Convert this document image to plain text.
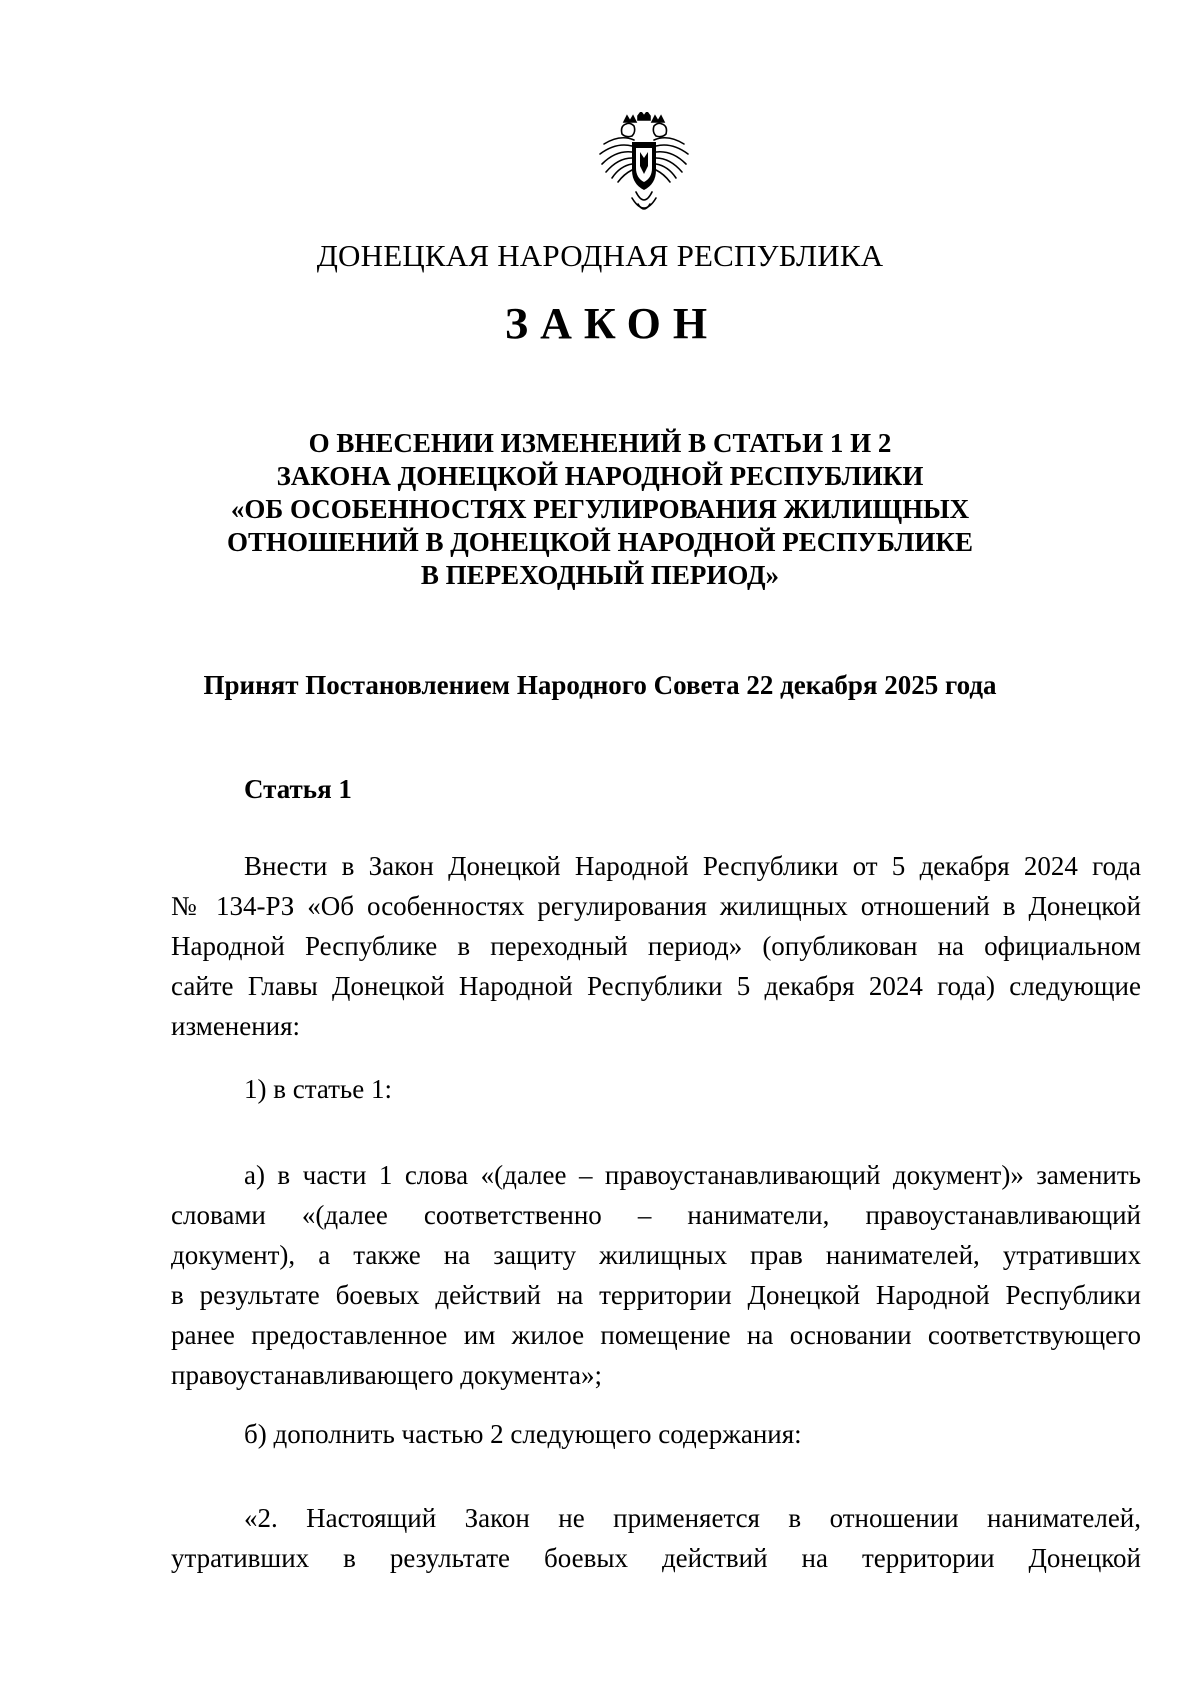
ДОНЕЦКАЯ НАРОДНАЯ РЕСПУБЛИКА
ЗАКОН
О ВНЕСЕНИИ ИЗМЕНЕНИЙ В СТАТЬИ 1 И 2
ЗАКОНА ДОНЕЦКОЙ НАРОДНОЙ РЕСПУБЛИКИ
«ОБ ОСОБЕННОСТЯХ РЕГУЛИРОВАНИЯ ЖИЛИЩНЫХ
ОТНОШЕНИЙ В ДОНЕЦКОЙ НАРОДНОЙ РЕСПУБЛИКЕ
В ПЕРЕХОДНЫЙ ПЕРИОД»
Принят Постановлением Народного Совета 22 декабря 2025 года
Статья 1
Внести в Закон Донецкой Народной Республики от 5 декабря 2024 года
№ 134-РЗ «Об особенностях регулирования жилищных отношений в Донецкой
Народной Республике в переходный период» (опубликован на официальном
сайте Главы Донецкой Народной Республики 5 декабря 2024 года) следующие
изменения:
1) в статье 1:
а) в части 1 слова «(далее – правоустанавливающий документ)» заменить
словами «(далее соответственно – наниматели, правоустанавливающий
документ), а также на защиту жилищных прав нанимателей, утративших
в результате боевых действий на территории Донецкой Народной Республики
ранее предоставленное им жилое помещение на основании соответствующего
правоустанавливающего документа»;
б) дополнить частью 2 следующего содержания:
«2. Настоящий Закон не применяется в отношении нанимателей,
утративших в результате боевых действий на территории Донецкой
